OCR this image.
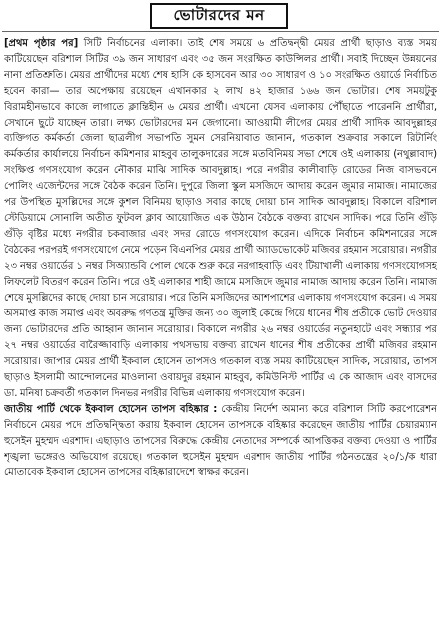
ভোটারদের মন

[প্রথম পৃষ্ঠার পর] সিটি নির্বাচনের এলাকা। তাই শেষ সময়ে ৬ প্রতিদ্বন্দ্বী মেয়র প্রার্থী ছাড়াও ব্যস্ত সময় কাটিয়েছেন বরিশাল সিটির ৩৯ জন সাধারণ এবং ৩৫ জন সংরক্ষিত কাউন্সিলর প্রার্থী। সবাই দিচ্ছেন উন্নয়নের নানা প্রতিশ্রুতি। মেয়র প্রার্থীদের মধ্যে শেষ হাসি কে হাসবেন আর ৩০ সাধারণ ও ১০ সংরক্ষিত ওয়ার্ডে নির্বাচিত হবেন কারা— তার অপেক্ষায় রয়েছেন এখানকার ২ লাখ ৪২ হাজার ১৬৬ জন ভোটার। শেষ সময়টুকু বিরামহীনভাবে কাজে লাগাতে ক্লান্তিহীন ৬ মেয়র প্রার্থী। এখনো যেসব এলাকায় পৌঁছাতে পারেননি প্রার্থীরা, সেখানে ছুটে যাচ্ছেন তারা। লক্ষ্য ভোটারদের মন জেগানো। আওয়ামী লীগের মেয়র প্রার্থী সাদিক আবদুল্লাহর ব্যক্তিগত কর্মকর্তা জেলা ছাত্রলীগ সভাপতি সুমন সেরনিয়াবাত জানান, গতকাল শুক্রবার সকালে রিটার্নিং কর্মকর্তার কার্যালয়ে নির্বাচন কমিশনার মাহবুব তালুকদারের সঙ্গে মতবিনিময় সভা শেষে ওই এলাকায় (নথুল্লাবাদ) সংক্ষিপ্ত গণসংযোগ করেন নৌকার মাঝি সাদিক আবদুল্লাহ। পরে নগরীর কালীবাড়ি রোডের নিজ বাসভবনে পোলিং এজেন্টদের সঙ্গে বৈঠক করেন তিনি। দুপুরে জিলা স্কুল মসজিদে আদায় করেন জুমার নামাজ। নামাজের পর উপস্থিত মুসল্লিদের সঙ্গে কুশল বিনিময় ছাড়াও সবার কাছে দোয়া চান সাদিক আবদুল্লাহ। বিকালে বরিশাল স্টেডিয়ামে সোনালি অতীত ফুটবল ক্লাব আয়োজিত এক উঠান বৈঠকে বক্তব্য রাখেন সাদিক। পরে তিনি গুঁড়ি গুঁড়ি বৃষ্টির মধ্যে নগরীর চকবাজার এবং সদর রোডে গণসংযোগ করেন। এদিকে নির্বাচন কমিশনারের সঙ্গে বৈঠকের পরপরই গণসংযোগে নেমে পড়েন বিএনপির মেয়র প্রার্থী অ্যাডভোকেট মজিবর রহমান সরোয়ার। নগরীর ২৩ নম্বর ওয়ার্ডের ১ নম্বর সিঅ্যান্ডবি পোল থেকে শুরু করে নরগাহবাড়ি এবং টিয়াখালী এলাকায় গণসংযোগসহ লিফলেট বিতরণ করেন তিনি। পরে ওই এলাকার শাহী জামে মসজিদে জুমার নামাজ আদায় করেন তিনি। নামাজ শেষে মুসল্লিদের কাছে দোয়া চান সরোয়ার। পরে তিনি মসজিদের আশপাশের এলাকায় গণসংযোগ করেন। এ সময় অসমাপ্ত কাজ সমাপ্ত এবং অবরুদ্ধ গণতন্ত্র মুক্তির জন্য ৩০ জুলাই কেন্দ্রে গিয়ে ধানের শীষ প্রতীকে ভোট দেওয়ার জন্য ভোটারদের প্রতি আহ্বান জানান সরোয়ার। বিকালে নগরীর ২৬ নম্বর ওয়ার্ডের নতুনহাটে এবং সন্ধ্যার পর ২৭ নম্বর ওয়ার্ডের বারৈজ্জাবাড়ি এলাকায় পথসভায় বক্তব্য রাখেন ধানের শীষ প্রতীকের প্রার্থী মজিবর রহমান সরোয়ার। জাপার মেয়র প্রার্থী ইকবাল হোসেন তাপসও গতকাল ব্যস্ত সময় কাটিয়েছেন সাদিক, সরোয়ার, তাপস ছাড়াও ইসলামী আন্দোলনের মাওলানা ওবায়দুর রহমান মাহবুব, কমিউনিস্ট পার্টির এ কে আজাদ এবং বাসদের ডা. মনিষা চক্রবর্তী গতকাল দিনভর নগরীর বিভিন্ন এলাকায় গণসংযোগ করেন।

জাতীয় পার্টি থেকে ইকবাল হোসেন তাপস বহিষ্কার : কেন্দ্রীয় নির্দেশ অমান্য করে বরিশাল সিটি করপোরেশন নির্বাচনে মেয়র পদে প্রতিদ্বন্দ্বিতা করায় ইকবাল হোসেন তাপসকে বহিষ্কার করেছেন জাতীয় পার্টির চেয়ারম্যান হুসেইন মুহম্মদ এরশাদ। এছাড়াও তাপসের বিরুদ্ধে কেন্দ্রীয় নেতাদের সম্পর্কে আপত্তিকর বক্তব্য দেওয়া ও পার্টির শৃঙ্খলা ভঙ্গেরও অভিযোগ রয়েছে। গতকাল হুসেইন মুহম্মদ এরশাদ জাতীয় পার্টির গঠনতন্ত্রের ২০/১/ক ধারা মোতাবেক ইকবাল হোসেন তাপসের বহিষ্কারাদেশে স্বাক্ষর করেন।
